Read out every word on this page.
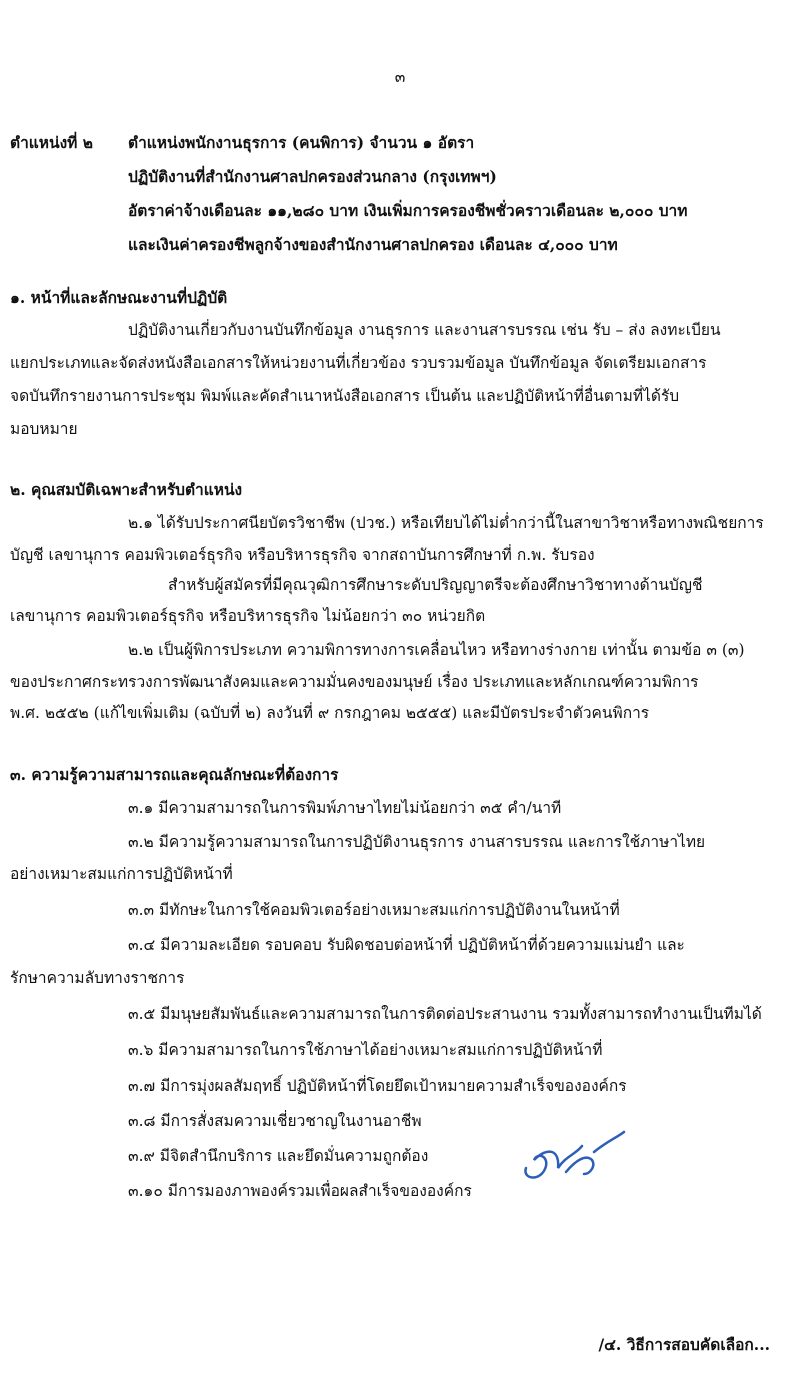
๓
ตำแหน่งที่ ๒ ตำแหน่งพนักงานธุรการ (คนพิการ) จำนวน ๑ อัตรา
ปฏิบัติงานที่สำนักงานศาลปกครองส่วนกลาง (กรุงเทพฯ)
อัตราค่าจ้างเดือนละ ๑๑,๒๘๐ บาท เงินเพิ่มการครองชีพชั่วคราวเดือนละ ๒,๐๐๐ บาท
และเงินค่าครองชีพลูกจ้างของสำนักงานศาลปกครอง เดือนละ ๔,๐๐๐ บาท
๑. หน้าที่และลักษณะงานที่ปฏิบัติ
ปฏิบัติงานเกี่ยวกับงานบันทึกข้อมูล งานธุรการ และงานสารบรรณ เช่น รับ – ส่ง ลงทะเบียน
แยกประเภทและจัดส่งหนังสือเอกสารให้หน่วยงานที่เกี่ยวข้อง รวบรวมข้อมูล บันทึกข้อมูล จัดเตรียมเอกสาร
จดบันทึกรายงานการประชุม พิมพ์และคัดสำเนาหนังสือเอกสาร เป็นต้น และปฏิบัติหน้าที่อื่นตามที่ได้รับ
มอบหมาย
๒. คุณสมบัติเฉพาะสำหรับตำแหน่ง
๒.๑ ได้รับประกาศนียบัตรวิชาชีพ (ปวช.) หรือเทียบได้ไม่ต่ำกว่านี้ในสาขาวิชาหรือทางพณิชยการ
บัญชี เลขานุการ คอมพิวเตอร์ธุรกิจ หรือบริหารธุรกิจ จากสถาบันการศึกษาที่ ก.พ. รับรอง
สำหรับผู้สมัครที่มีคุณวุฒิการศึกษาระดับปริญญาตรีจะต้องศึกษาวิชาทางด้านบัญชี
เลขานุการ คอมพิวเตอร์ธุรกิจ หรือบริหารธุรกิจ ไม่น้อยกว่า ๓๐ หน่วยกิต
๒.๒ เป็นผู้พิการประเภท ความพิการทางการเคลื่อนไหว หรือทางร่างกาย เท่านั้น ตามข้อ ๓ (๓)
ของประกาศกระทรวงการพัฒนาสังคมและความมั่นคงของมนุษย์ เรื่อง ประเภทและหลักเกณฑ์ความพิการ
พ.ศ. ๒๕๕๒ (แก้ไขเพิ่มเติม (ฉบับที่ ๒) ลงวันที่ ๙ กรกฎาคม ๒๕๕๕) และมีบัตรประจำตัวคนพิการ
๓. ความรู้ความสามารถและคุณลักษณะที่ต้องการ
๓.๑ มีความสามารถในการพิมพ์ภาษาไทยไม่น้อยกว่า ๓๕ คำ/นาที
๓.๒ มีความรู้ความสามารถในการปฏิบัติงานธุรการ งานสารบรรณ และการใช้ภาษาไทย
อย่างเหมาะสมแก่การปฏิบัติหน้าที่
๓.๓ มีทักษะในการใช้คอมพิวเตอร์อย่างเหมาะสมแก่การปฏิบัติงานในหน้าที่
๓.๔ มีความละเอียด รอบคอบ รับผิดชอบต่อหน้าที่ ปฏิบัติหน้าที่ด้วยความแม่นยำ และ
รักษาความลับทางราชการ
๓.๕ มีมนุษยสัมพันธ์และความสามารถในการติดต่อประสานงาน รวมทั้งสามารถทำงานเป็นทีมได้
๓.๖ มีความสามารถในการใช้ภาษาได้อย่างเหมาะสมแก่การปฏิบัติหน้าที่
๓.๗ มีการมุ่งผลสัมฤทธิ์ ปฏิบัติหน้าที่โดยยึดเป้าหมายความสำเร็จขององค์กร
๓.๘ มีการสั่งสมความเชี่ยวชาญในงานอาชีพ
๓.๙ มีจิตสำนึกบริการ และยึดมั่นความถูกต้อง
๓.๑๐ มีการมองภาพองค์รวมเพื่อผลสำเร็จขององค์กร
/๔. วิธีการสอบคัดเลือก...
